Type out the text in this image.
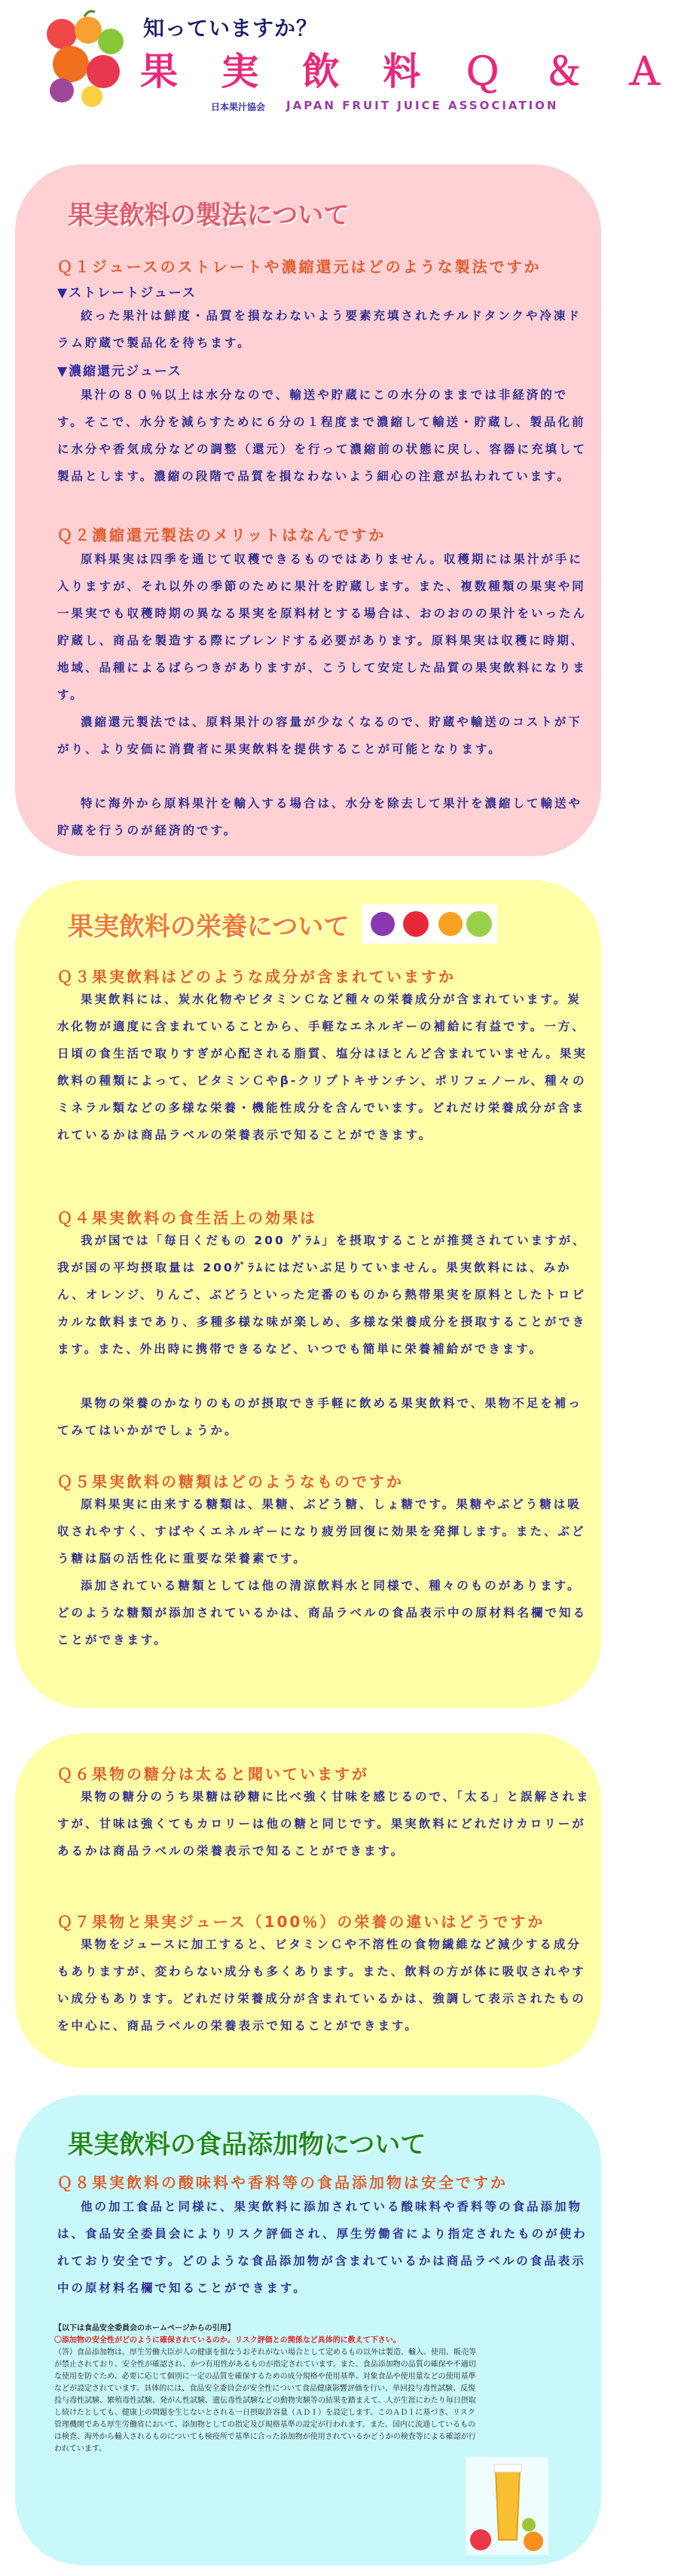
知っていますか？
果 実 飲 料 Ｑ ＆ Ａ
日本果汁協会 JAPAN FRUIT JUICE ASSOCIATION
果実飲料の製法について
Ｑ１ジュースのストレートや濃縮還元はどのような製法ですか
▼ストレートジュース
絞った果汁は鮮度・品質を損なわないよう要素充填されたチルドタンクや冷凍ドラム貯蔵で製品化を待ちます。
▼濃縮還元ジュース
果汁の８０％以上は水分なので、輸送や貯蔵にこの水分のままでは非経済的です。そこで、水分を減らすために６分の１程度まで濃縮して輸送・貯蔵し、製品化前に水分や香気成分などの調整（還元）を行って濃縮前の状態に戻し、容器に充填して製品とします。濃縮の段階で品質を損なわないよう細心の注意が払われています。
Ｑ２濃縮還元製法のメリットはなんですか
原料果実は四季を通じて収穫できるものではありません。収穫期には果汁が手に入りますが、それ以外の季節のために果汁を貯蔵します。また、複数種類の果実や同一果実でも収穫時期の異なる果実を原料材とする場合は、おのおのの果汁をいったん貯蔵し、商品を製造する際にブレンドする必要があります。原料果実は収穫に時期、地域、品種によるばらつきがありますが、こうして安定した品質の果実飲料になります。
濃縮還元製法では、原料果汁の容量が少なくなるので、貯蔵や輸送のコストが下がり、より安価に消費者に果実飲料を提供することが可能となります。
特に海外から原料果汁を輸入する場合は、水分を除去して果汁を濃縮して輸送や貯蔵を行うのが経済的です。
果実飲料の栄養について
Ｑ３果実飲料はどのような成分が含まれていますか
果実飲料には、炭水化物やビタミンＣなど種々の栄養成分が含まれています。炭水化物が適度に含まれていることから、手軽なエネルギーの補給に有益です。一方、日頃の食生活で取りすぎが心配される脂質、塩分はほとんど含まれていません。果実飲料の種類によって、ビタミンＣやβ-クリプトキサンチン、ポリフェノール、種々のミネラル類などの多様な栄養・機能性成分を含んでいます。どれだけ栄養成分が含まれているかは商品ラベルの栄養表示で知ることができます。
Ｑ４果実飲料の食生活上の効果は
我が国では「毎日くだもの 200 ｸﾞﾗﾑ」を摂取することが推奨されていますが、我が国の平均摂取量は 200ｸﾞﾗﾑにはだいぶ足りていません。果実飲料には、みかん、オレンジ、りんご、ぶどうといった定番のものから熱帯果実を原料としたトロピカルな飲料まであり、多種多様な味が楽しめ、多様な栄養成分を摂取することができます。また、外出時に携帯できるなど、いつでも簡単に栄養補給ができます。
果物の栄養のかなりのものが摂取でき手軽に飲める果実飲料で、果物不足を補ってみてはいかがでしょうか。
Ｑ５果実飲料の糖類はどのようなものですか
原料果実に由来する糖類は、果糖、ぶどう糖、しょ糖です。果糖やぶどう糖は吸収されやすく、すばやくエネルギーになり疲労回復に効果を発揮します。また、ぶどう糖は脳の活性化に重要な栄養素です。
添加されている糖類としては他の清涼飲料水と同様で、種々のものがあります。どのような糖類が添加されているかは、商品ラベルの食品表示中の原材料名欄で知ることができます。
Ｑ６果物の糖分は太ると聞いていますが
果物の糖分のうち果糖は砂糖に比べ強く甘味を感じるので、「太る」と誤解されますが、甘味は強くてもカロリーは他の糖と同じです。果実飲料にどれだけカロリーがあるかは商品ラベルの栄養表示で知ることができます。
Ｑ７果物と果実ジュース（100％）の栄養の違いはどうですか
果物をジュースに加工すると、ビタミンＣや不溶性の食物繊維など減少する成分もありますが、変わらない成分も多くあります。また、飲料の方が体に吸収されやすい成分もあります。どれだけ栄養成分が含まれているかは、強調して表示されたものを中心に、商品ラベルの栄養表示で知ることができます。
果実飲料の食品添加物について
Ｑ８果実飲料の酸味料や香料等の食品添加物は安全ですか
他の加工食品と同様に、果実飲料に添加されている酸味料や香料等の食品添加物は、食品安全委員会によりリスク評価され、厚生労働省により指定されたものが使われており安全です。どのような食品添加物が含まれているかは商品ラベルの食品表示中の原材料名欄で知ることができます。
【以下は食品安全委員会のホームページからの引用】
〇添加物の安全性がどのように確保されているのか。リスク評価との関係など具体的に教えて下さい。
（答）食品添加物は、厚生労働大臣が人の健康を損なうおそれがない場合として定めるもの以外は製造、輸入、使用、販売等が禁止されており、安全性が確認され、かつ有用性があるものが指定されています。また、食品添加物の品質の確保や不適切な使用を防ぐため、必要に応じて個別に一定の品質を確保するための成分規格や使用基準、対象食品や使用量などの使用基準などが設定されています。具体的には、食品安全委員会が安全性について食品健康影響評価を行い、単回投与毒性試験、反復投与毒性試験、繁殖毒性試験、発がん性試験、遺伝毒性試験などの動物実験等の結果を踏まえて、人が生涯にわたり毎日摂取し続けたとしても、健康上の問題を生じないとされる一日摂取許容量（ＡＤＩ）を設定します。このＡＤＩに基づき、リスク管理機関である厚生労働省において、添加物としての指定及び規格基準の設定が行われます。また、国内に流通しているものは検査、海外から輸入されるものについても検疫所で基準に合った添加物が使用されているかどうかの検査等による確認が行われています。
